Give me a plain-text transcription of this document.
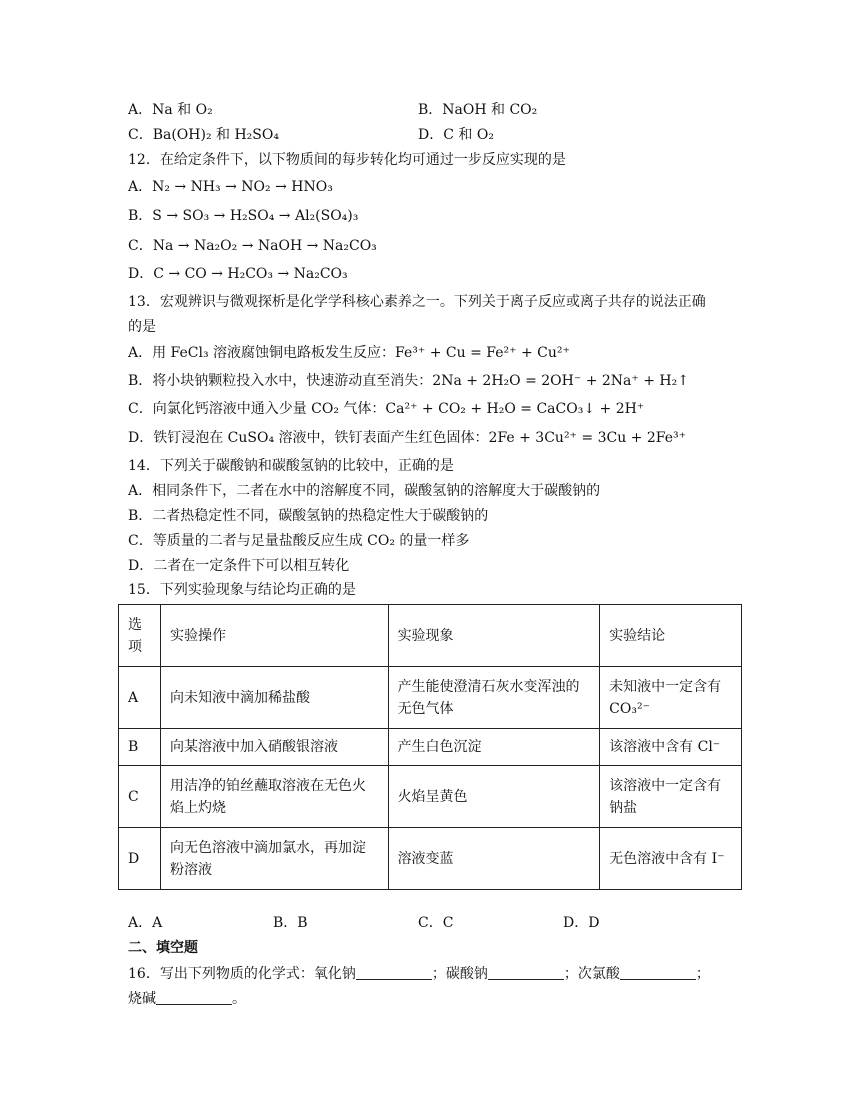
A．Na 和 O₂	B．NaOH 和 CO₂
C．Ba(OH)₂ 和 H₂SO₄	D．C 和 O₂
12．在给定条件下，以下物质间的每步转化均可通过一步反应实现的是
A．N₂ → NH₃ → NO₂ → HNO₃
B．S → SO₃ → H₂SO₄ → Al₂(SO₄)₃
C．Na → Na₂O₂ → NaOH → Na₂CO₃
D．C → CO → H₂CO₃ → Na₂CO₃
13．宏观辨识与微观探析是化学学科核心素养之一。下列关于离子反应或离子共存的说法正确
的是
A．用 FeCl₃ 溶液腐蚀铜电路板发生反应：Fe³⁺ + Cu = Fe²⁺ + Cu²⁺
B．将小块钠颗粒投入水中，快速游动直至消失：2Na + 2H₂O = 2OH⁻ + 2Na⁺ + H₂↑
C．向氯化钙溶液中通入少量 CO₂ 气体：Ca²⁺ + CO₂ + H₂O = CaCO₃↓ + 2H⁺
D．铁钉浸泡在 CuSO₄ 溶液中，铁钉表面产生红色固体：2Fe + 3Cu²⁺ = 3Cu + 2Fe³⁺
14．下列关于碳酸钠和碳酸氢钠的比较中，正确的是
A．相同条件下，二者在水中的溶解度不同，碳酸氢钠的溶解度大于碳酸钠的
B．二者热稳定性不同，碳酸氢钠的热稳定性大于碳酸钠的
C．等质量的二者与足量盐酸反应生成 CO₂ 的量一样多
D．二者在一定条件下可以相互转化
15．下列实验现象与结论均正确的是
选项	实验操作	实验现象	实验结论
A	向未知液中滴加稀盐酸	产生能使澄清石灰水变浑浊的无色气体	未知液中一定含有 CO₃²⁻
B	向某溶液中加入硝酸银溶液	产生白色沉淀	该溶液中含有 Cl⁻
C	用洁净的铂丝蘸取溶液在无色火焰上灼烧	火焰呈黄色	该溶液中一定含有钠盐
D	向无色溶液中滴加氯水，再加淀粉溶液	溶液变蓝	无色溶液中含有 I⁻
A．A	B．B	C．C	D．D
二、填空题
16．写出下列物质的化学式：氧化钠	；碳酸钠	；次氯酸	；
烧碱	。
